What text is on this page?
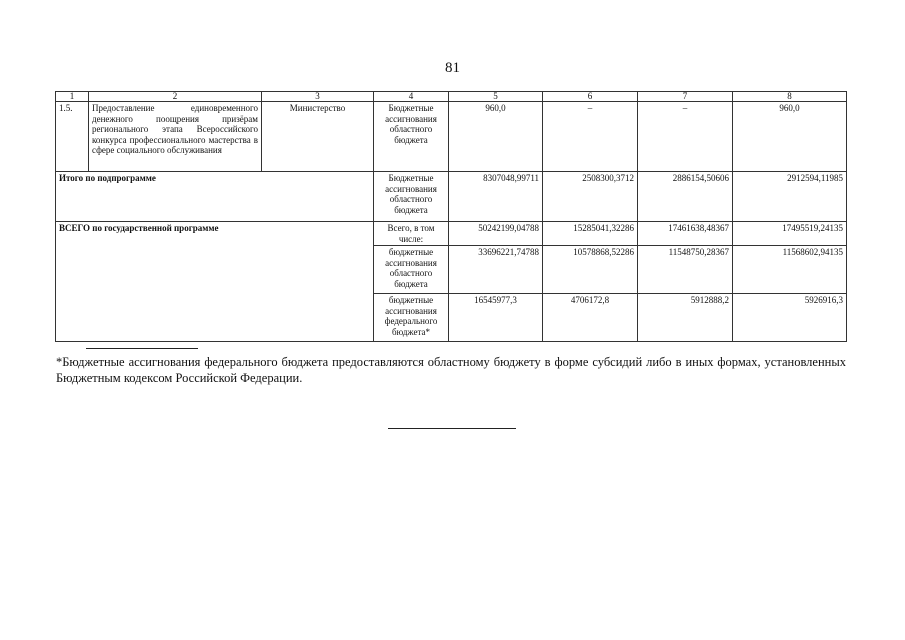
81
1	2	3	4	5	6	7	8
1.5.	Предоставление единовременного денежного поощрения призёрам регионального этапа Всероссийского конкурса профессионального мастерства в сфере социального обслуживания	Министерство	Бюджетные ассигнования областного бюджета	960,0	–	–	960,0
Итого по подпрограмме			Бюджетные ассигнования областного бюджета	8307048,99711	2508300,3712	2886154,50606	2912594,11985
ВСЕГО по государственной программе			Всего, в том числе:	50242199,04788	15285041,32286	17461638,48367	17495519,24135
			бюджетные ассигнования областного бюджета	33696221,74788	10578868,52286	11548750,28367	11568602,94135
			бюджетные ассигнования федерального бюджета*	16545977,3	4706172,8	5912888,2	5926916,3
*Бюджетные ассигнования федерального бюджета предоставляются областному бюджету в форме субсидий либо в иных формах, установленных Бюджетным кодексом Российской Федерации.
